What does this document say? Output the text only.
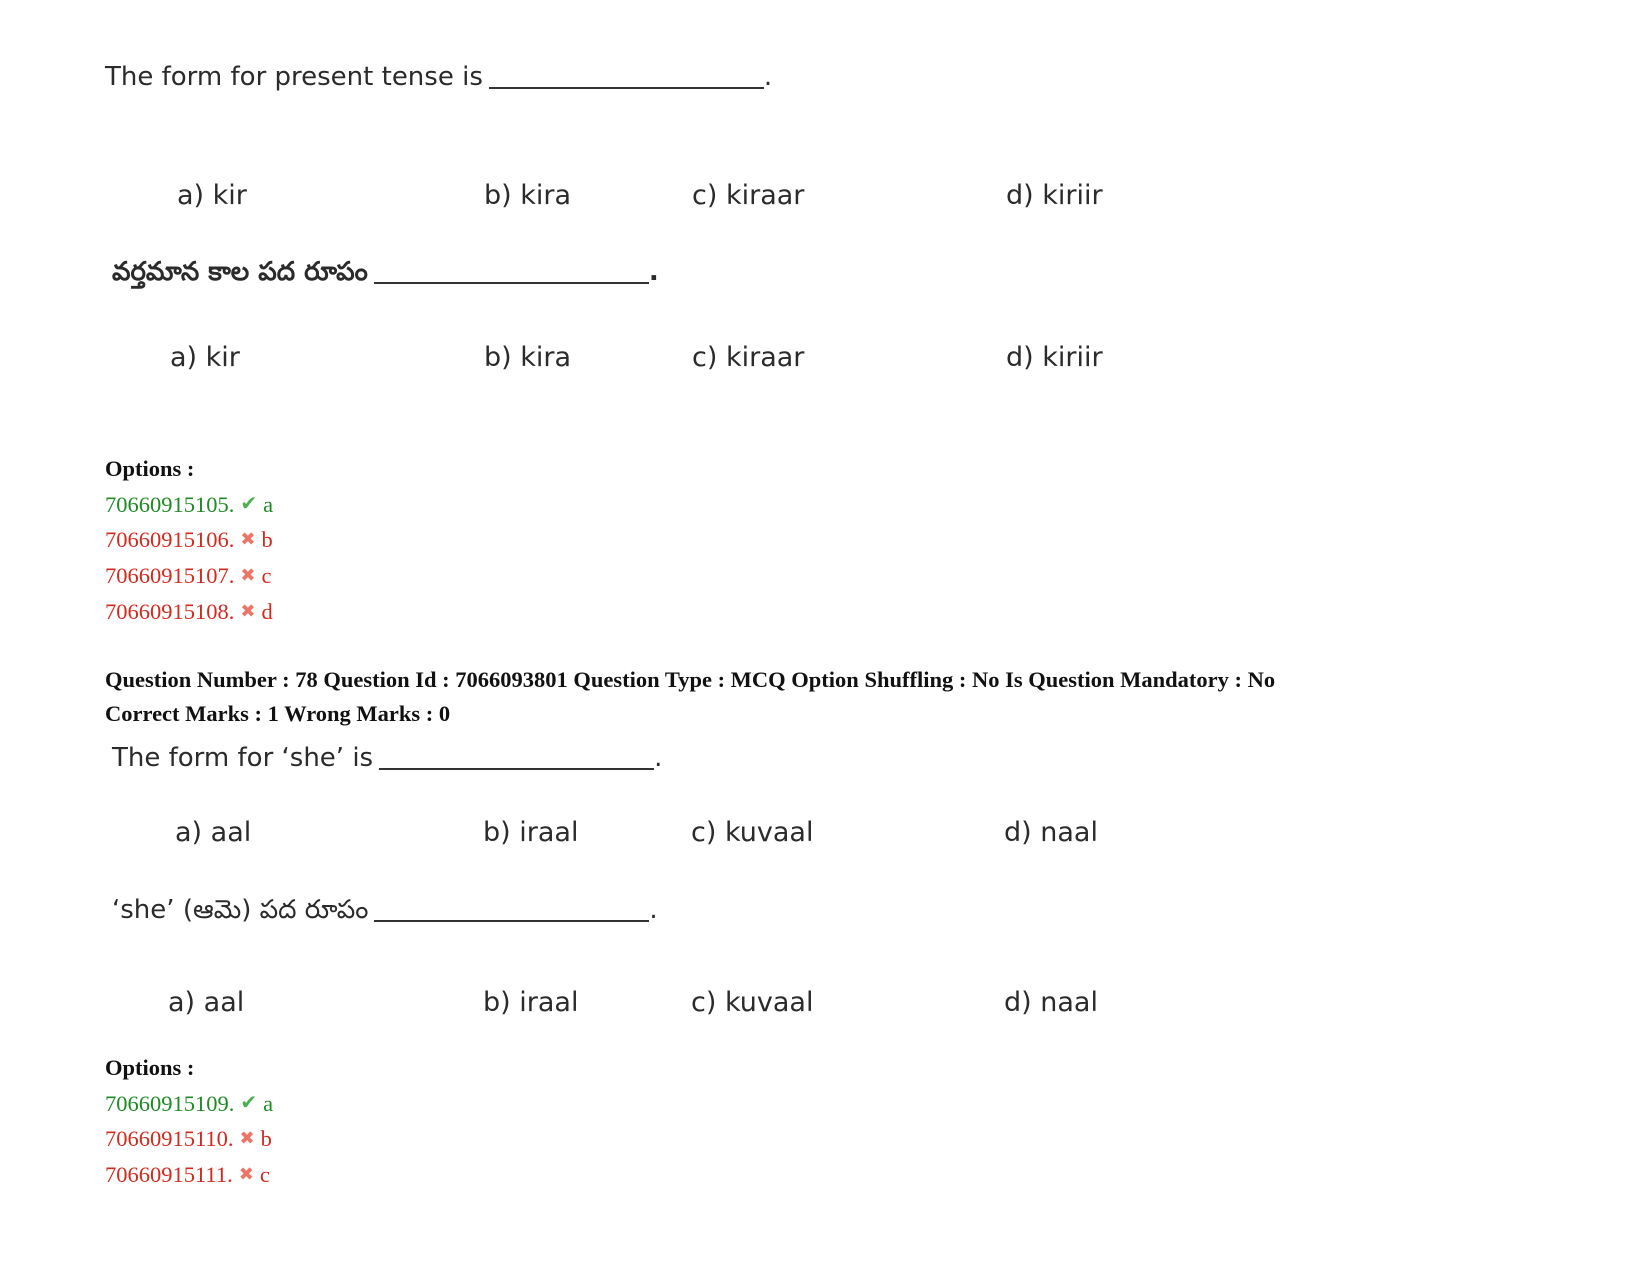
The form for present tense is	.
a) kir	b) kira	c) kiraar	d) kiriir
వర్తమాన కాల పద రూపం	.
a) kir	b) kira	c) kiraar	d) kiriir
Options :
70660915105. ✔ a
70660915106. ✖ b
70660915107. ✖ c
70660915108. ✖ d
Question Number : 78 Question Id : 7066093801 Question Type : MCQ Option Shuffling : No Is Question Mandatory : No
Correct Marks : 1 Wrong Marks : 0
The form for ‘she’ is	.
a) aal	b) iraal	c) kuvaal	d) naal
‘she’ (ఆమె) పద రూపం	.
a) aal	b) iraal	c) kuvaal	d) naal
Options :
70660915109. ✔ a
70660915110. ✖ b
70660915111. ✖ c
